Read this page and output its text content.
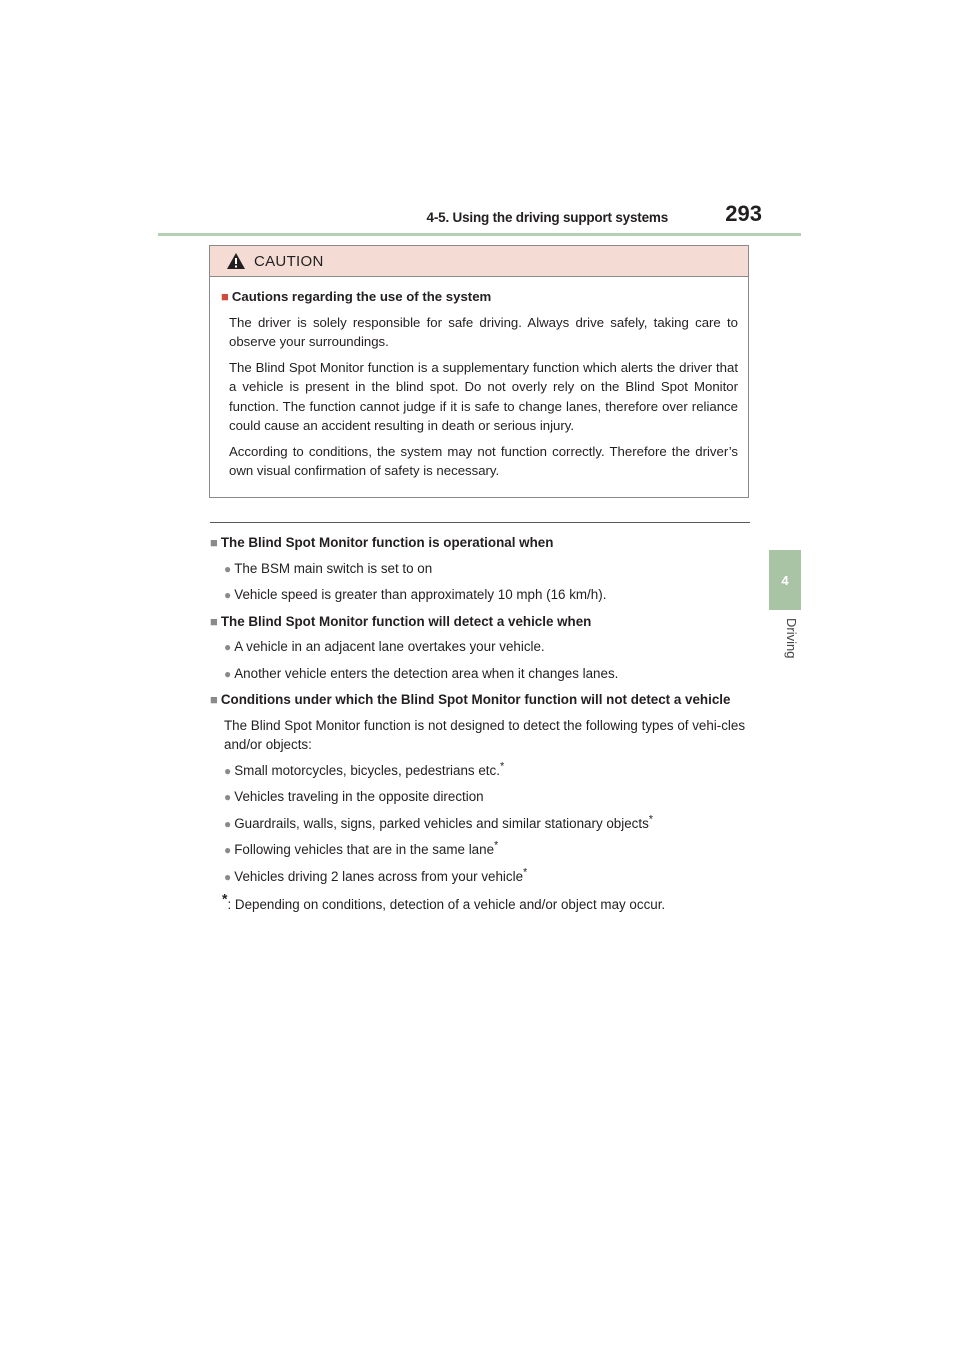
4-5. Using the driving support systems	293
4
Driving
CAUTION
■ Cautions regarding the use of the system
The driver is solely responsible for safe driving. Always drive safely, taking care to observe your surroundings.
The Blind Spot Monitor function is a supplementary function which alerts the driver that a vehicle is present in the blind spot. Do not overly rely on the Blind Spot Monitor function. The function cannot judge if it is safe to change lanes, therefore over reliance could cause an accident resulting in death or serious injury.
According to conditions, the system may not function correctly. Therefore the driver’s own visual confirmation of safety is necessary.
■ The Blind Spot Monitor function is operational when
● The BSM main switch is set to on
● Vehicle speed is greater than approximately 10 mph (16 km/h).
■ The Blind Spot Monitor function will detect a vehicle when
● A vehicle in an adjacent lane overtakes your vehicle.
● Another vehicle enters the detection area when it changes lanes.
■ Conditions under which the Blind Spot Monitor function will not detect a vehicle
The Blind Spot Monitor function is not designed to detect the following types of vehi-cles and/or objects:
● Small motorcycles, bicycles, pedestrians etc.*
● Vehicles traveling in the opposite direction
● Guardrails, walls, signs, parked vehicles and similar stationary objects*
● Following vehicles that are in the same lane*
● Vehicles driving 2 lanes across from your vehicle*
*: Depending on conditions, detection of a vehicle and/or object may occur.
